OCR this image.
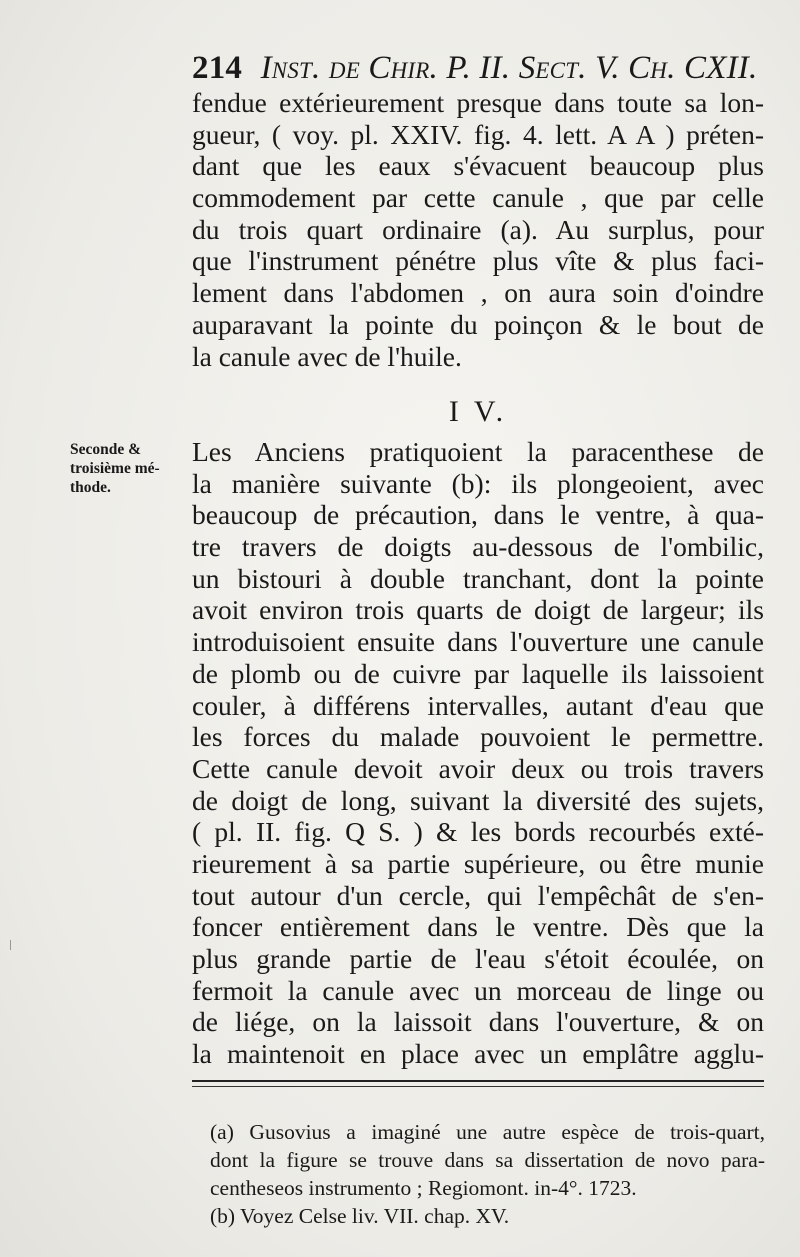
214 Inst. de Chir. P. II. Sect. V. Ch. CXII.
fendue extérieurement presque dans toute sa lon-
gueur, ( voy. pl. XXIV. fig. 4. lett. A A ) préten-
dant que les eaux s'évacuent beaucoup plus
commodement par cette canule , que par celle
du trois quart ordinaire (a). Au surplus, pour
que l'instrument pénétre plus vîte & plus faci-
lement dans l'abdomen , on aura soin d'oindre
auparavant la pointe du poinçon & le bout de
la canule avec de l'huile.
I V.
Seconde &
troisième mé-
thode.
Les Anciens pratiquoient la paracenthese de
la manière suivante (b): ils plongeoient, avec
beaucoup de précaution, dans le ventre, à qua-
tre travers de doigts au-dessous de l'ombilic,
un bistouri à double tranchant, dont la pointe
avoit environ trois quarts de doigt de largeur; ils
introduisoient ensuite dans l'ouverture une canule
de plomb ou de cuivre par laquelle ils laissoient
couler, à différens intervalles, autant d'eau que
les forces du malade pouvoient le permettre.
Cette canule devoit avoir deux ou trois travers
de doigt de long, suivant la diversité des sujets,
( pl. II. fig. Q S. ) & les bords recourbés exté-
rieurement à sa partie supérieure, ou être munie
tout autour d'un cercle, qui l'empêchât de s'en-
foncer entièrement dans le ventre. Dès que la
plus grande partie de l'eau s'étoit écoulée, on
fermoit la canule avec un morceau de linge ou
de liége, on la laissoit dans l'ouverture, & on
la maintenoit en place avec un emplâtre agglu-
(a) Gusovius a imaginé une autre espèce de trois-quart,
dont la figure se trouve dans sa dissertation de novo para-
centheseos instrumento ; Regiomont. in-4°. 1723.
(b) Voyez Celse liv. VII. chap. XV.
